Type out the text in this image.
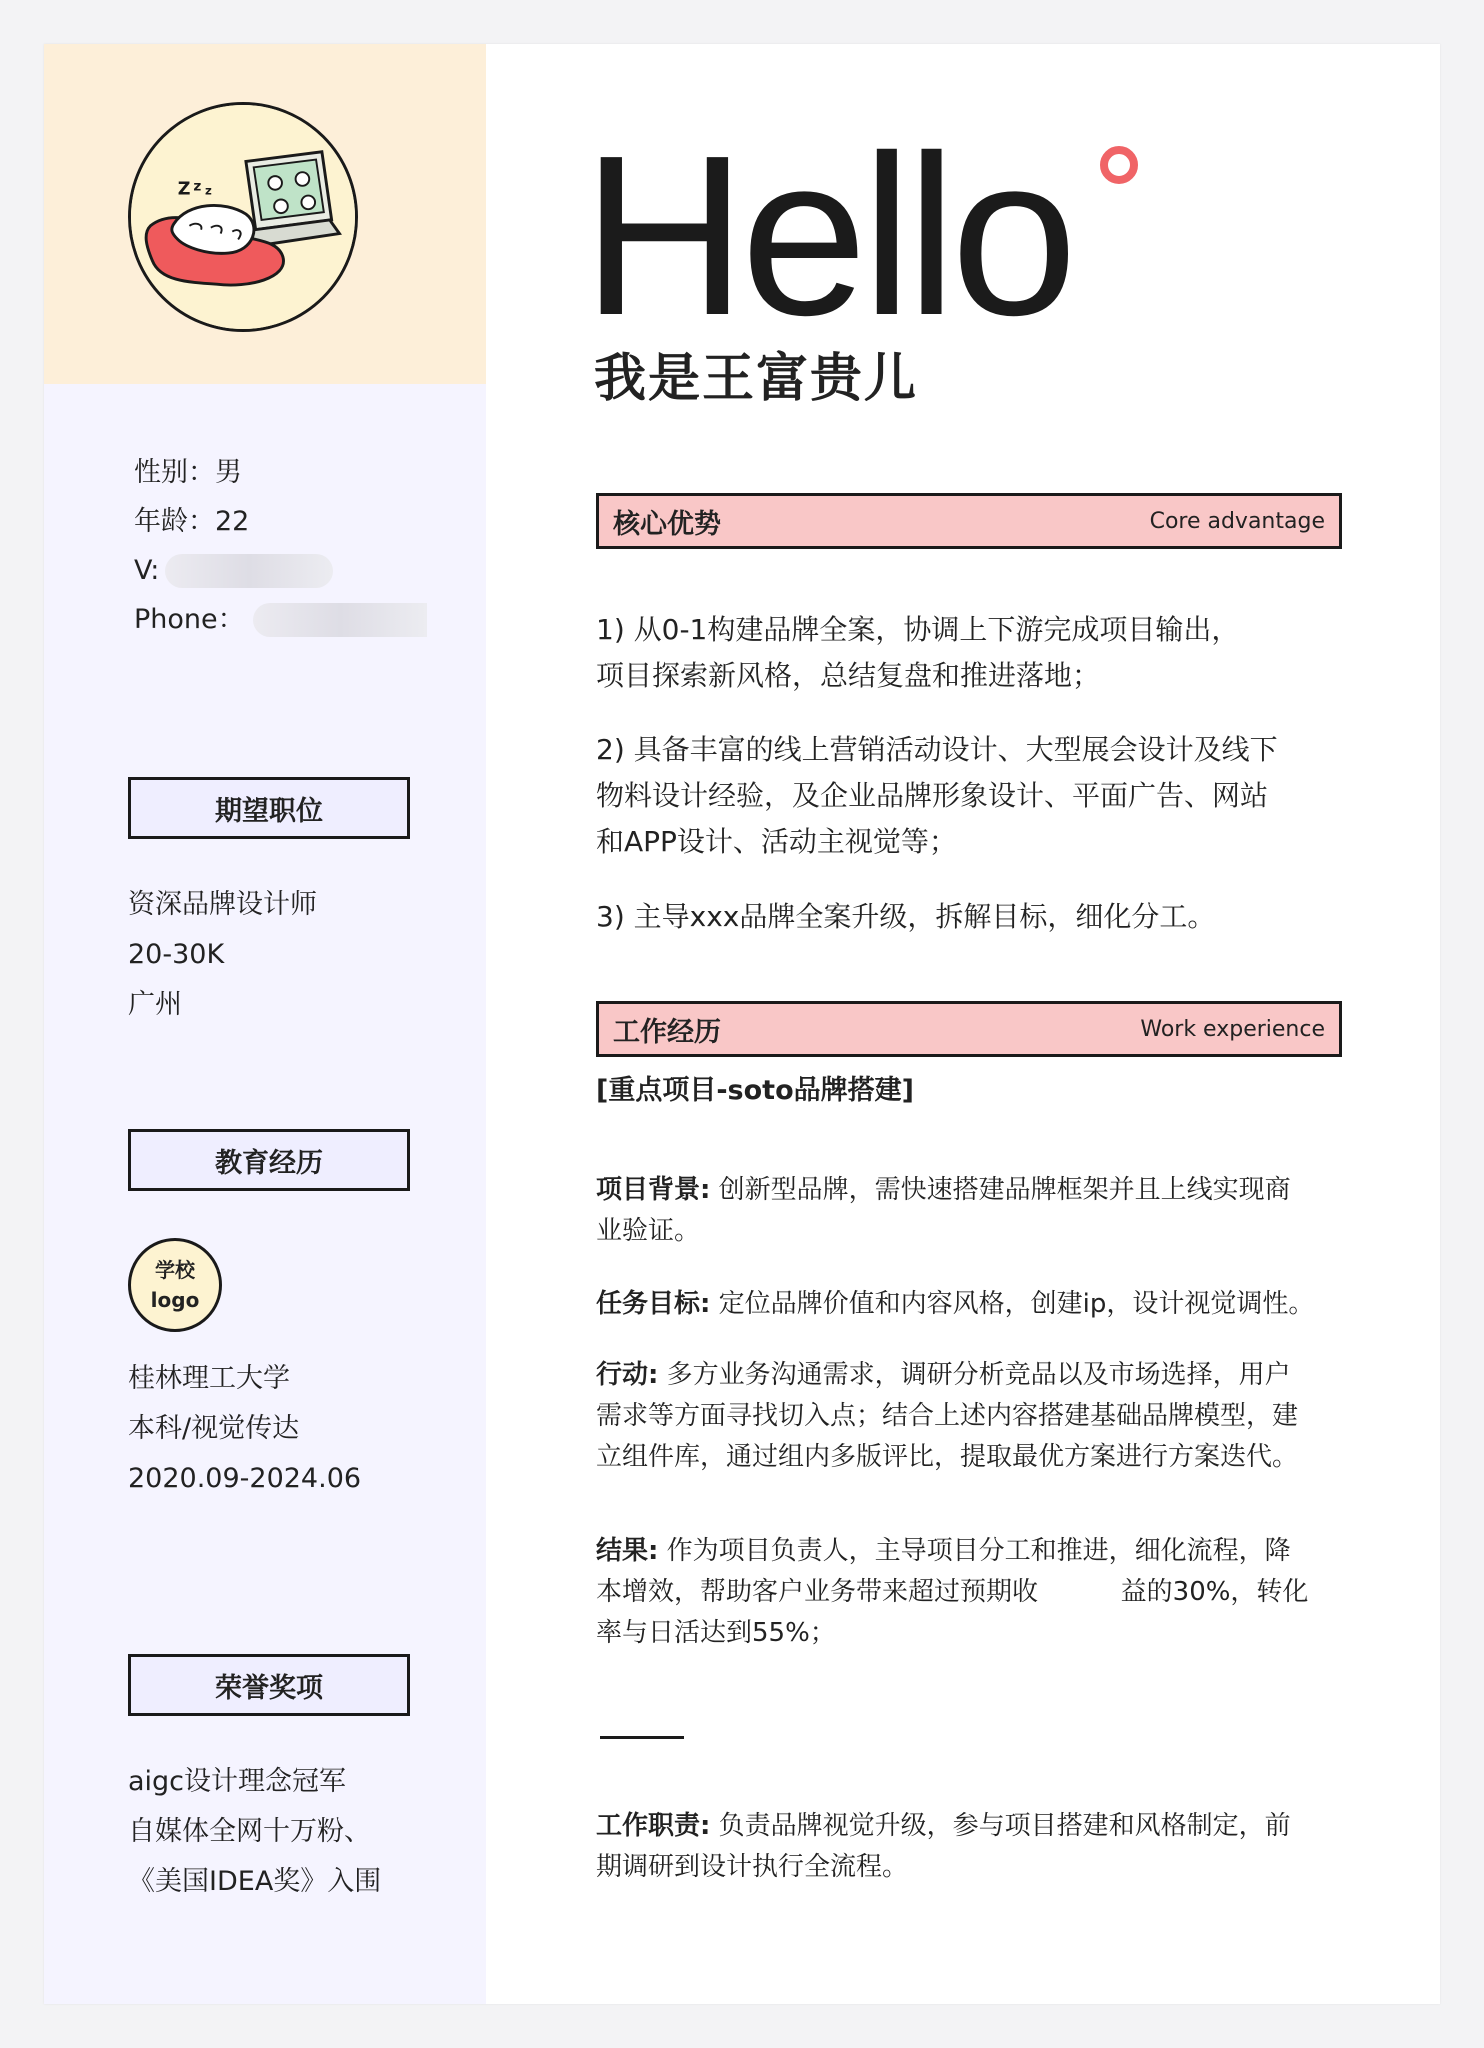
Z z z
性别：男
年龄：22
V:
Phone：
期望职位
资深品牌设计师
20-30K
广州
教育经历
学校
logo
桂林理工大学
本科/视觉传达
2020.09-2024.06
荣誉奖项
aigc设计理念冠军
自媒体全网十万粉、
《美国IDEA奖》入围
Hello
我是王富贵儿
核心优势	Core advantage
1) 从0-1构建品牌全案，协调上下游完成项目输出，
项目探索新风格，总结复盘和推进落地；
2) 具备丰富的线上营销活动设计、大型展会设计及线下
物料设计经验，及企业品牌形象设计、平面广告、网站
和APP设计、活动主视觉等；
3) 主导xxx品牌全案升级，拆解目标，细化分工。
工作经历	Work experience
[重点项目-soto品牌搭建]
项目背景: 创新型品牌，需快速搭建品牌框架并且上线实现商
业验证。
任务目标: 定位品牌价值和内容风格，创建ip，设计视觉调性。
行动: 多方业务沟通需求，调研分析竞品以及市场选择，用户
需求等方面寻找切入点；结合上述内容搭建基础品牌模型，建
立组件库，通过组内多版评比，提取最优方案进行方案迭代。
结果: 作为项目负责人，主导项目分工和推进，细化流程，降
本增效，帮助客户业务带来超过预期收          益的30%，转化
率与日活达到55%；
工作职责: 负责品牌视觉升级，参与项目搭建和风格制定，前
期调研到设计执行全流程。
